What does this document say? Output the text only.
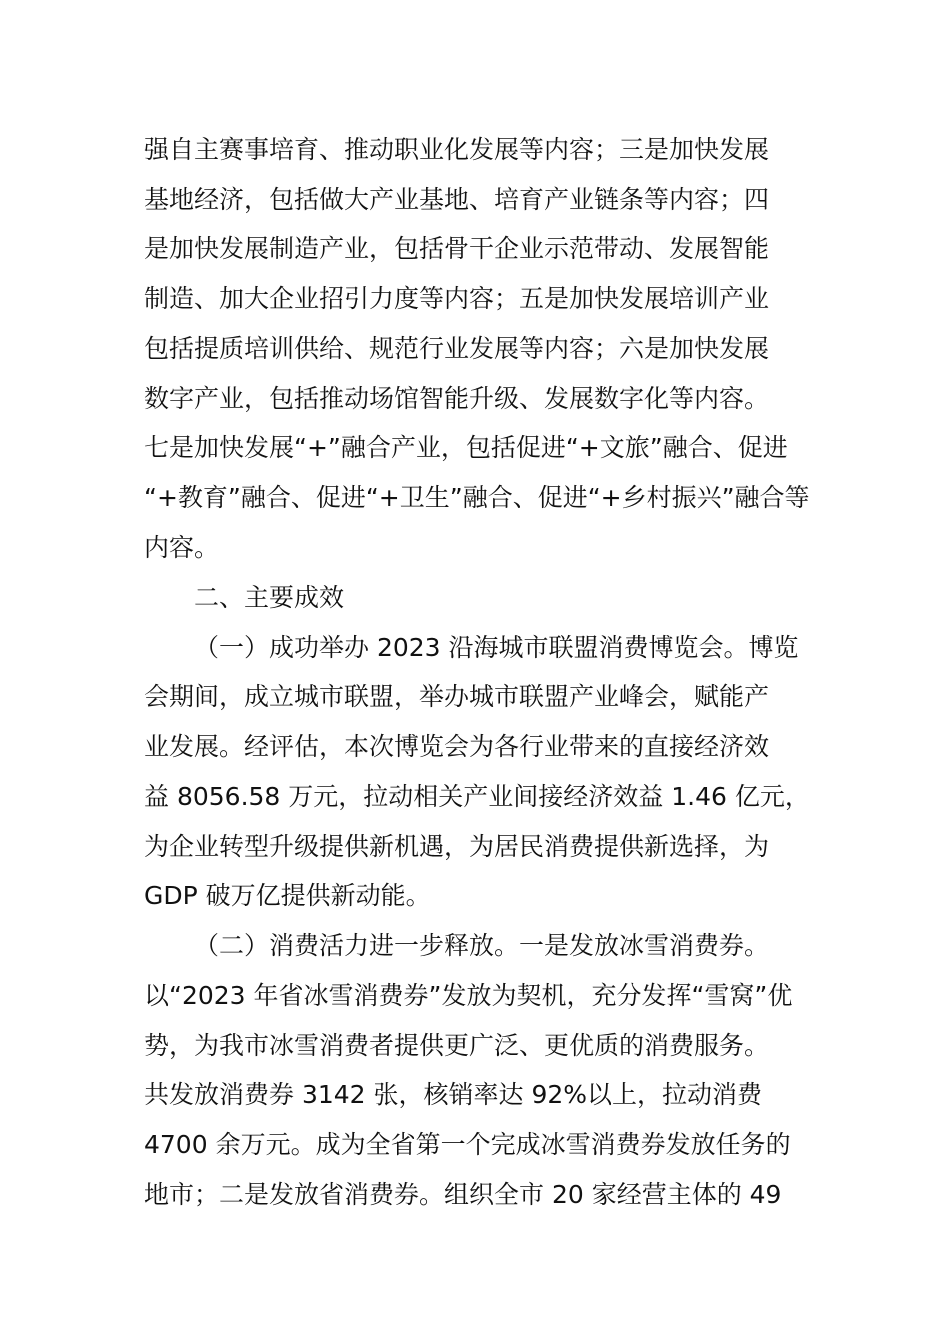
强自主赛事培育、推动职业化发展等内容；三是加快发展

基地经济，包括做大产业基地、培育产业链条等内容；四

是加快发展制造产业，包括骨干企业示范带动、发展智能

制造、加大企业招引力度等内容；五是加快发展培训产业

包括提质培训供给、规范行业发展等内容；六是加快发展

数字产业，包括推动场馆智能升级、发展数字化等内容。

七是加快发展“+”融合产业，包括促进“+文旅”融合、促进

“+教育”融合、促进“+卫生”融合、促进“+乡村振兴”融合等

内容。

二、主要成效

（一）成功举办 2023 沿海城市联盟消费博览会。博览

会期间，成立城市联盟，举办城市联盟产业峰会，赋能产

业发展。经评估，本次博览会为各行业带来的直接经济效

益 8056.58 万元，拉动相关产业间接经济效益 1.46 亿元，

为企业转型升级提供新机遇，为居民消费提供新选择，为

GDP 破万亿提供新动能。

（二）消费活力进一步释放。一是发放冰雪消费券。

以“2023 年省冰雪消费券”发放为契机，充分发挥“雪窝”优

势，为我市冰雪消费者提供更广泛、更优质的消费服务。

共发放消费券 3142 张，核销率达 92%以上，拉动消费

4700 余万元。成为全省第一个完成冰雪消费券发放任务的

地市；二是发放省消费券。组织全市 20 家经营主体的 49
